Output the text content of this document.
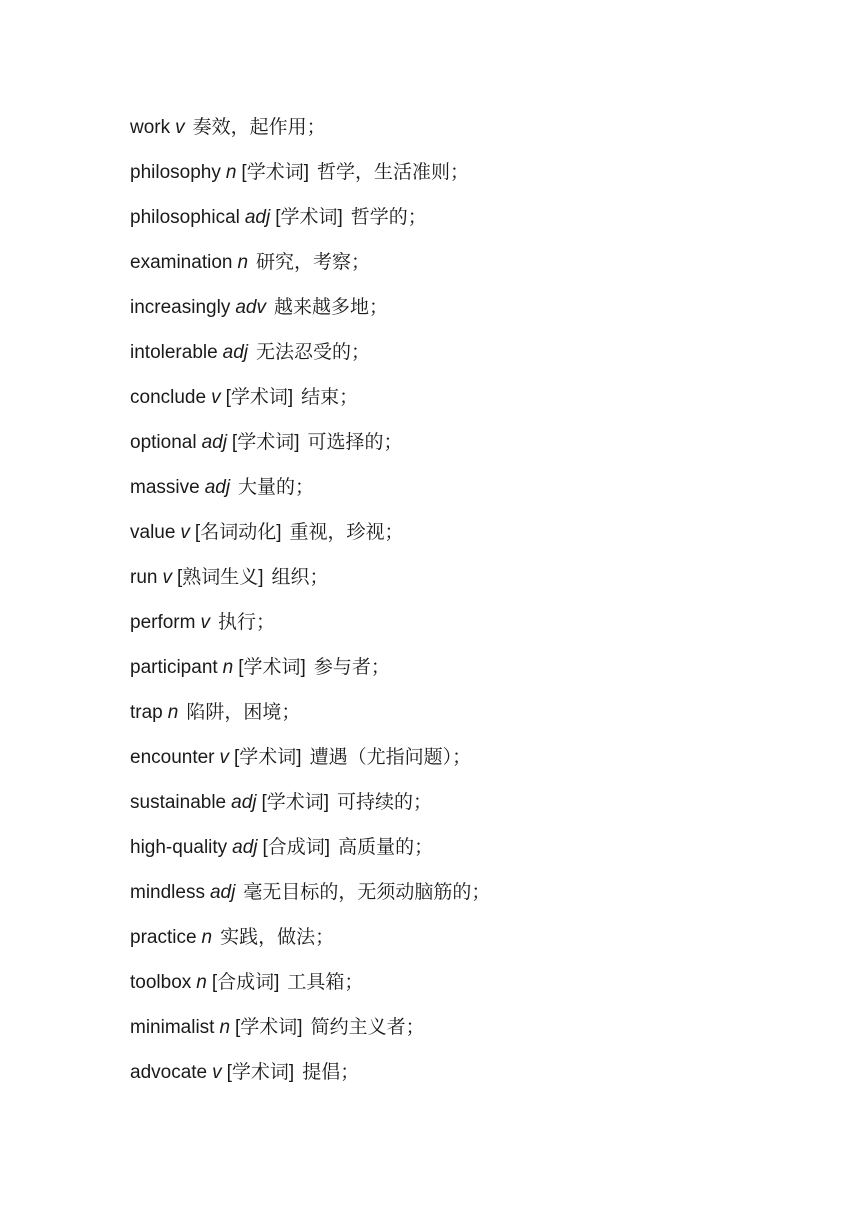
work v 奏效，起作用；
philosophy n [学术词] 哲学，生活准则；
philosophical adj [学术词] 哲学的；
examination n 研究，考察；
increasingly adv 越来越多地；
intolerable adj 无法忍受的；
conclude v [学术词] 结束；
optional adj [学术词] 可选择的；
massive adj 大量的；
value v [名词动化] 重视，珍视；
run v [熟词生义] 组织；
perform v 执行；
participant n [学术词] 参与者；
trap n 陷阱，困境；
encounter v [学术词] 遭遇（尤指问题）；
sustainable adj [学术词] 可持续的；
high-quality adj [合成词] 高质量的；
mindless adj 毫无目标的，无须动脑筋的；
practice n 实践，做法；
toolbox n [合成词] 工具箱；
minimalist n [学术词] 简约主义者；
advocate v [学术词] 提倡；
